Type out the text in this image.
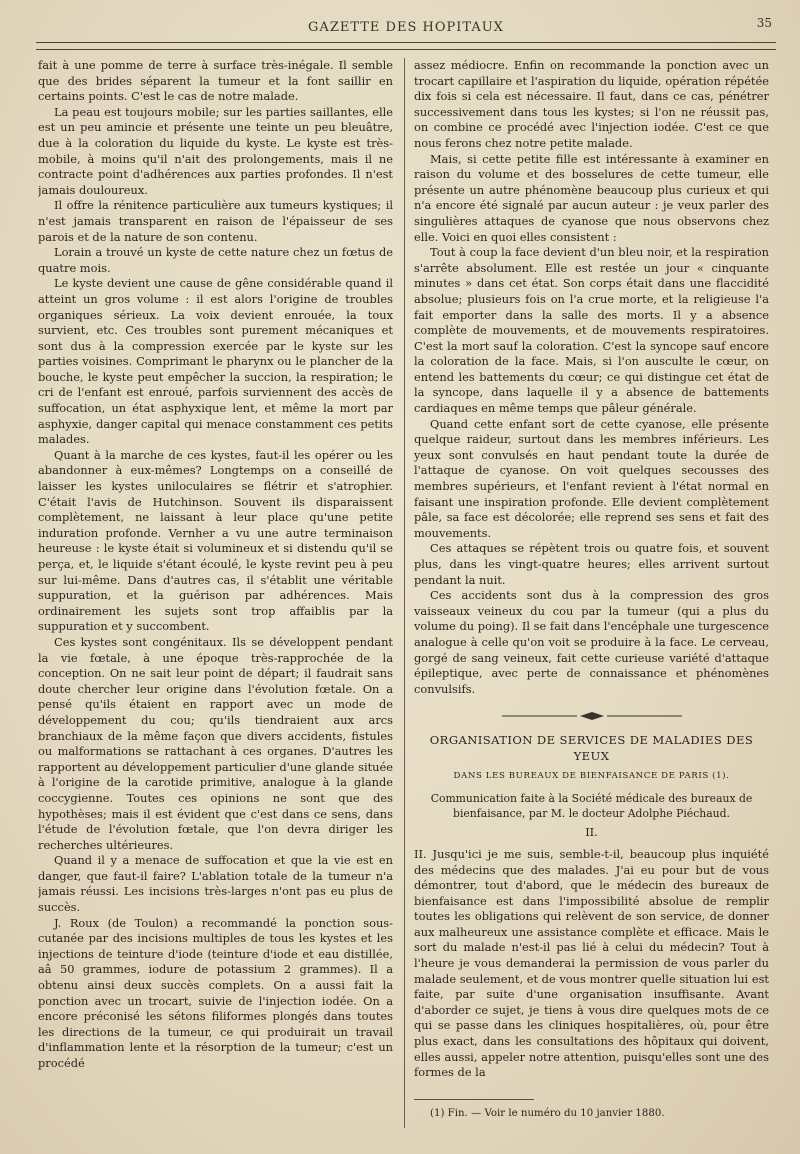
GAZETTE DES HOPITAUX	35

fait à une pomme de terre à surface très-inégale. Il semble que des brides séparent la tumeur et la font saillir en certains points. C'est le cas de notre malade.

La peau est toujours mobile; sur les parties saillantes, elle est un peu amincie et présente une teinte un peu bleuâtre, due à la coloration du liquide du kyste. Le kyste est très-mobile, à moins qu'il n'ait des prolongements, mais il ne contracte point d'adhérences aux parties profondes. Il n'est jamais douloureux.

Il offre la rénitence particulière aux tumeurs kystiques; il n'est jamais transparent en raison de l'épaisseur de ses parois et de la nature de son contenu.

Lorain a trouvé un kyste de cette nature chez un fœtus de quatre mois.

Le kyste devient une cause de gêne considérable quand il atteint un gros volume : il est alors l'origine de troubles organiques sérieux. La voix devient enrouée, la toux survient, etc. Ces troubles sont purement mécaniques et sont dus à la compression exercée par le kyste sur les parties voisines. Comprimant le pharynx ou le plancher de la bouche, le kyste peut empêcher la succion, la respiration; le cri de l'enfant est enroué, parfois surviennent des accès de suffocation, un état asphyxique lent, et même la mort par asphyxie, danger capital qui menace constamment ces petits malades.

Quant à la marche de ces kystes, faut-il les opérer ou les abandonner à eux-mêmes? Longtemps on a conseillé de laisser les kystes uniloculaires se flétrir et s'atrophier. C'était l'avis de Hutchinson. Souvent ils disparaissent complètement, ne laissant à leur place qu'une petite induration profonde. Vernher a vu une autre terminaison heureuse : le kyste était si volumineux et si distendu qu'il se perça, et, le liquide s'étant écoulé, le kyste revint peu à peu sur lui-même. Dans d'autres cas, il s'établit une véritable suppuration, et la guérison par adhérences. Mais ordinairement les sujets sont trop affaiblis par la suppuration et y succombent.

Ces kystes sont congénitaux. Ils se développent pendant la vie fœtale, à une époque très-rapprochée de la conception. On ne sait leur point de départ; il faudrait sans doute chercher leur origine dans l'évolution fœtale. On a pensé qu'ils étaient en rapport avec un mode de développement du cou; qu'ils tiendraient aux arcs branchiaux de la même façon que divers accidents, fistules ou malformations se rattachant à ces organes. D'autres les rapportent au développement particulier d'une glande située à l'origine de la carotide primitive, analogue à la glande coccygienne. Toutes ces opinions ne sont que des hypothèses; mais il est évident que c'est dans ce sens, dans l'étude de l'évolution fœtale, que l'on devra diriger les recherches ultérieures.

Quand il y a menace de suffocation et que la vie est en danger, que faut-il faire? L'ablation totale de la tumeur n'a jamais réussi. Les incisions très-larges n'ont pas eu plus de succès.

J. Roux (de Toulon) a recommandé la ponction sous-cutanée par des incisions multiples de tous les kystes et les injections de teinture d'iode (teinture d'iode et eau distillée, aâ 50 grammes, iodure de potassium 2 grammes). Il a obtenu ainsi deux succès complets. On a aussi fait la ponction avec un trocart, suivie de l'injection iodée. On a encore préconisé les sétons filiformes plongés dans toutes les directions de la tumeur, ce qui produirait un travail d'inflammation lente et la résorption de la tumeur; c'est un procédé

assez médiocre. Enfin on recommande la ponction avec un trocart capillaire et l'aspiration du liquide, opération répétée dix fois si cela est nécessaire. Il faut, dans ce cas, pénétrer successivement dans tous les kystes; si l'on ne réussit pas, on combine ce procédé avec l'injection iodée. C'est ce que nous ferons chez notre petite malade.

Mais, si cette petite fille est intéressante à examiner en raison du volume et des bosselures de cette tumeur, elle présente un autre phénomène beaucoup plus curieux et qui n'a encore été signalé par aucun auteur : je veux parler des singulières attaques de cyanose que nous observons chez elle. Voici en quoi elles consistent :

Tout à coup la face devient d'un bleu noir, et la respiration s'arrête absolument. Elle est restée un jour « cinquante minutes » dans cet état. Son corps était dans une flaccidité absolue; plusieurs fois on l'a crue morte, et la religieuse l'a fait emporter dans la salle des morts. Il y a absence complète de mouvements, et de mouvements respiratoires. C'est la mort sauf la coloration. C'est la syncope sauf encore la coloration de la face. Mais, si l'on ausculte le cœur, on entend les battements du cœur; ce qui distingue cet état de la syncope, dans laquelle il y a absence de battements cardiaques en même temps que pâleur générale.

Quand cette enfant sort de cette cyanose, elle présente quelque raideur, surtout dans les membres inférieurs. Les yeux sont convulsés en haut pendant toute la durée de l'attaque de cyanose. On voit quelques secousses des membres supérieurs, et l'enfant revient à l'état normal en faisant une inspiration profonde. Elle devient complètement pâle, sa face est décolorée; elle reprend ses sens et fait des mouvements.

Ces attaques se répètent trois ou quatre fois, et souvent plus, dans les vingt-quatre heures; elles arrivent surtout pendant la nuit.

Ces accidents sont dus à la compression des gros vaisseaux veineux du cou par la tumeur (qui a plus du volume du poing). Il se fait dans l'encéphale une turgescence analogue à celle qu'on voit se produire à la face. Le cerveau, gorgé de sang veineux, fait cette curieuse variété d'attaque épileptique, avec perte de connaissance et phénomènes convulsifs.

ORGANISATION DE SERVICES DE MALADIES DES YEUX
DANS LES BUREAUX DE BIENFAISANCE DE PARIS (1).
Communication faite à la Société médicale des bureaux de bienfaisance, par M. le docteur Adolphe Piéchaud.
II.

II. Jusqu'ici je me suis, semble-t-il, beaucoup plus inquiété des médecins que des malades. J'ai eu pour but de vous démontrer, tout d'abord, que le médecin des bureaux de bienfaisance est dans l'impossibilité absolue de remplir toutes les obligations qui relèvent de son service, de donner aux malheureux une assistance complète et efficace. Mais le sort du malade n'est-il pas lié à celui du médecin? Tout à l'heure je vous demanderai la permission de vous parler du malade seulement, et de vous montrer quelle situation lui est faite, par suite d'une organisation insuffisante. Avant d'aborder ce sujet, je tiens à vous dire quelques mots de ce qui se passe dans les cliniques hospitalières, où, pour être plus exact, dans les consultations des hôpitaux qui doivent, elles aussi, appeler notre attention, puisqu'elles sont une des formes de la

(1) Fin. — Voir le numéro du 10 janvier 1880.
